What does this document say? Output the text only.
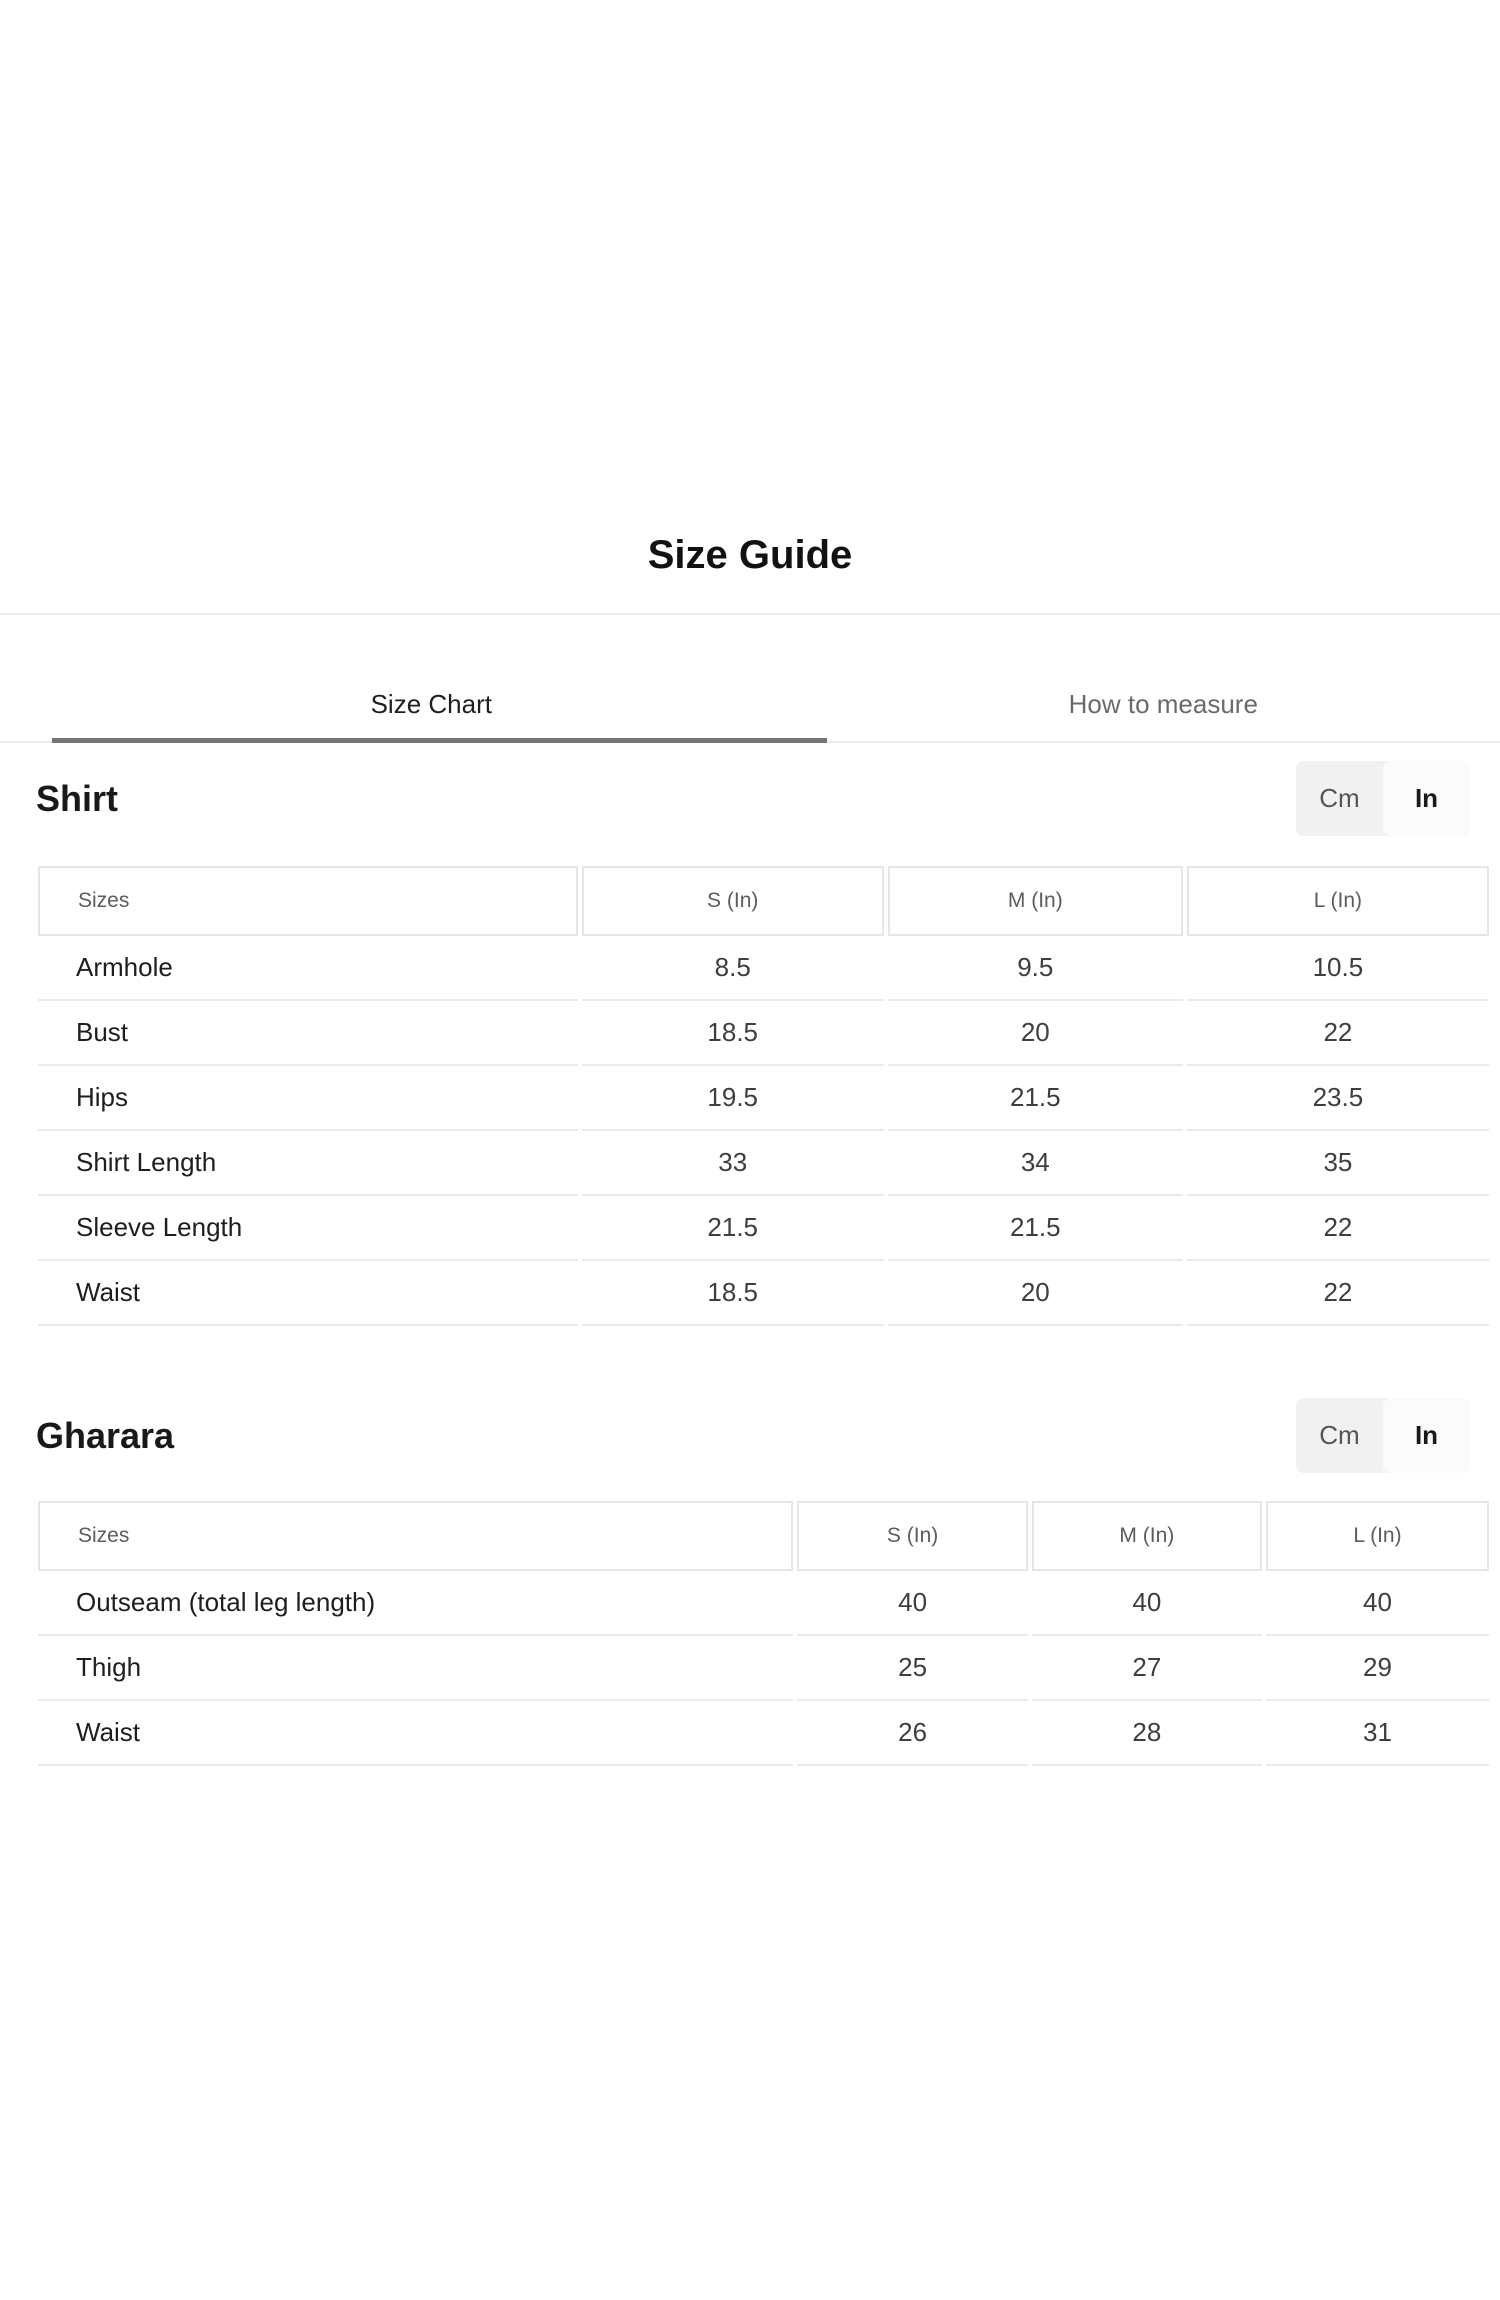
Size Guide
Size Chart	How to measure
Shirt	Cm	In
Sizes	S (In)	M (In)	L (In)
Armhole	8.5	9.5	10.5
Bust	18.5	20	22
Hips	19.5	21.5	23.5
Shirt Length	33	34	35
Sleeve Length	21.5	21.5	22
Waist	18.5	20	22
Gharara	Cm	In
Sizes	S (In)	M (In)	L (In)
Outseam (total leg length)	40	40	40
Thigh	25	27	29
Waist	26	28	31
